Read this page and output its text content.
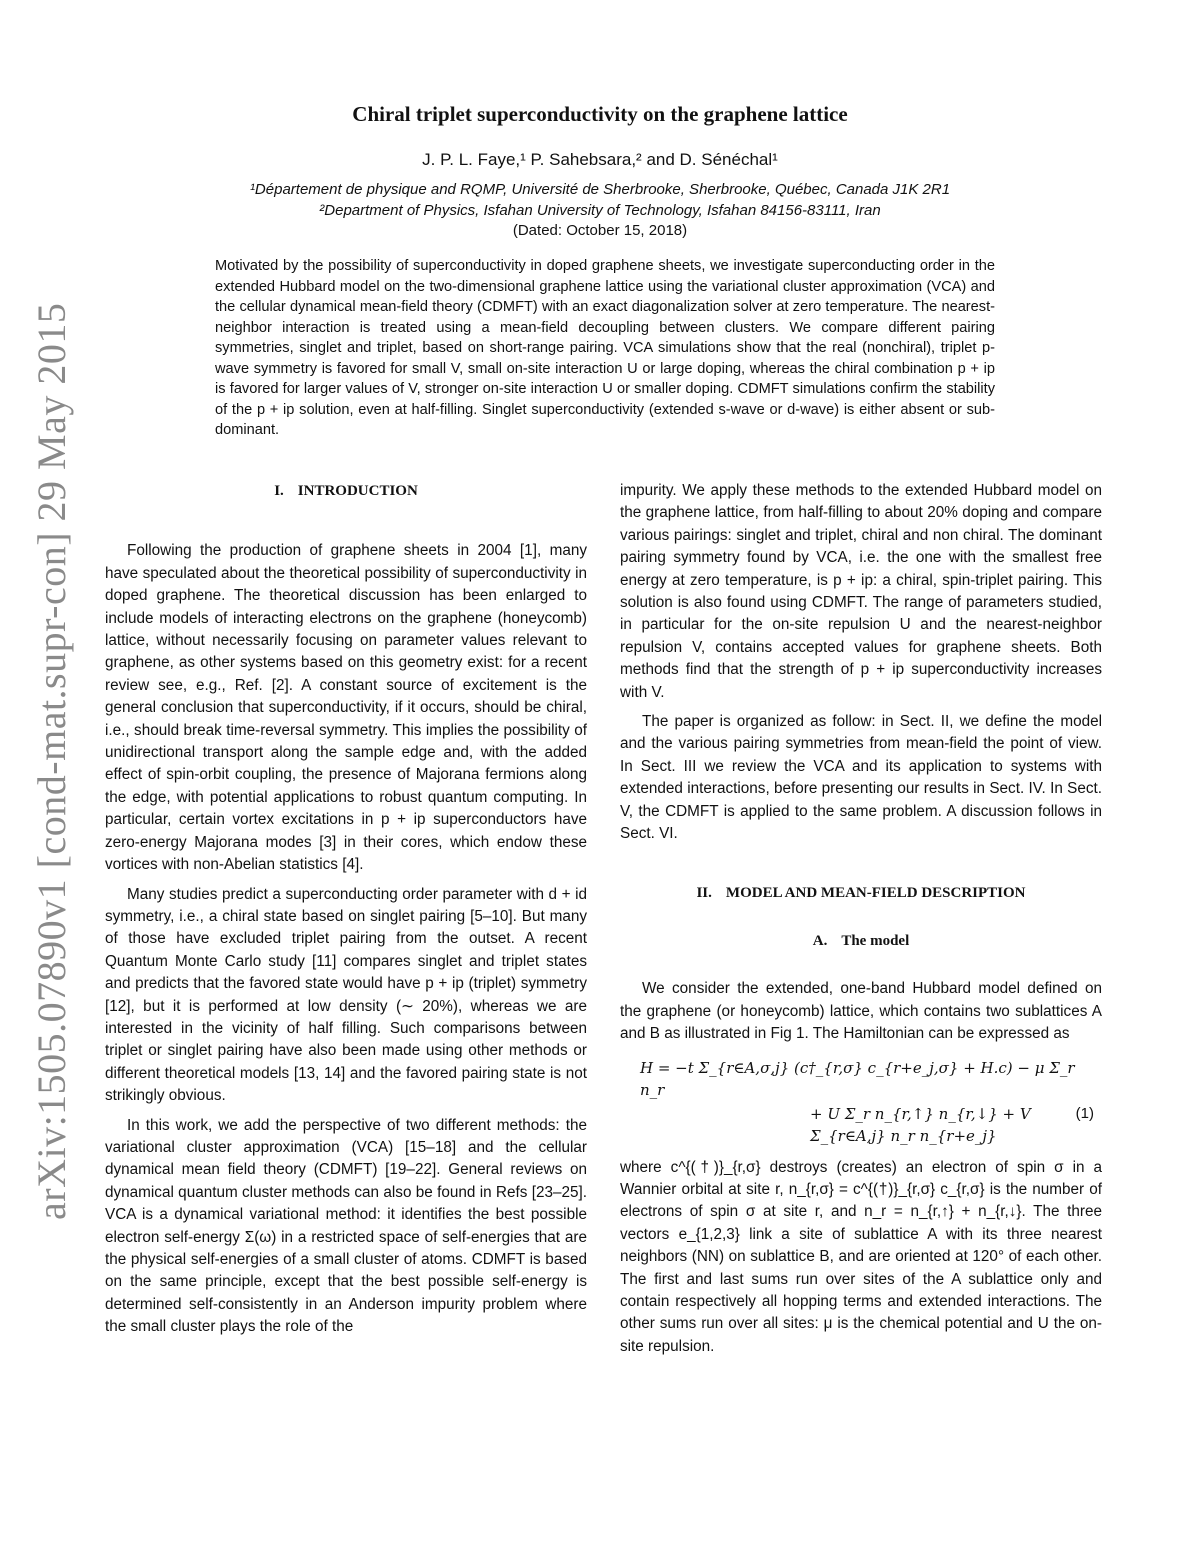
arXiv:1505.07890v1 [cond-mat.supr-con] 29 May 2015
Chiral triplet superconductivity on the graphene lattice
J. P. L. Faye,¹ P. Sahebsara,² and D. Sénéchal¹
¹Département de physique and RQMP, Université de Sherbrooke, Sherbrooke, Québec, Canada J1K 2R1
²Department of Physics, Isfahan University of Technology, Isfahan 84156-83111, Iran
(Dated: October 15, 2018)
Motivated by the possibility of superconductivity in doped graphene sheets, we investigate superconducting order in the extended Hubbard model on the two-dimensional graphene lattice using the variational cluster approximation (VCA) and the cellular dynamical mean-field theory (CDMFT) with an exact diagonalization solver at zero temperature. The nearest-neighbor interaction is treated using a mean-field decoupling between clusters. We compare different pairing symmetries, singlet and triplet, based on short-range pairing. VCA simulations show that the real (nonchiral), triplet p-wave symmetry is favored for small V, small on-site interaction U or large doping, whereas the chiral combination p + ip is favored for larger values of V, stronger on-site interaction U or smaller doping. CDMFT simulations confirm the stability of the p + ip solution, even at half-filling. Singlet superconductivity (extended s-wave or d-wave) is either absent or sub-dominant.

I. INTRODUCTION

Following the production of graphene sheets in 2004 [1], many have speculated about the theoretical possibility of superconductivity in doped graphene. The theoretical discussion has been enlarged to include models of interacting electrons on the graphene (honeycomb) lattice, without necessarily focusing on parameter values relevant to graphene, as other systems based on this geometry exist: for a recent review see, e.g., Ref. [2]. A constant source of excitement is the general conclusion that superconductivity, if it occurs, should be chiral, i.e., should break time-reversal symmetry. This implies the possibility of unidirectional transport along the sample edge and, with the added effect of spin-orbit coupling, the presence of Majorana fermions along the edge, with potential applications to robust quantum computing. In particular, certain vortex excitations in p + ip superconductors have zero-energy Majorana modes [3] in their cores, which endow these vortices with non-Abelian statistics [4].

Many studies predict a superconducting order parameter with d + id symmetry, i.e., a chiral state based on singlet pairing [5–10]. But many of those have excluded triplet pairing from the outset. A recent Quantum Monte Carlo study [11] compares singlet and triplet states and predicts that the favored state would have p + ip (triplet) symmetry [12], but it is performed at low density (∼ 20%), whereas we are interested in the vicinity of half filling. Such comparisons between triplet or singlet pairing have also been made using other methods or different theoretical models [13, 14] and the favored pairing state is not strikingly obvious.

In this work, we add the perspective of two different methods: the variational cluster approximation (VCA) [15–18] and the cellular dynamical mean field theory (CDMFT) [19–22]. General reviews on dynamical quantum cluster methods can also be found in Refs [23–25]. VCA is a dynamical variational method: it identifies the best possible electron self-energy Σ(ω) in a restricted space of self-energies that are the physical self-energies of a small cluster of atoms. CDMFT is based on the same principle, except that the best possible self-energy is determined self-consistently in an Anderson impurity problem where the small cluster plays the role of the

impurity. We apply these methods to the extended Hubbard model on the graphene lattice, from half-filling to about 20% doping and compare various pairings: singlet and triplet, chiral and non chiral. The dominant pairing symmetry found by VCA, i.e. the one with the smallest free energy at zero temperature, is p + ip: a chiral, spin-triplet pairing. This solution is also found using CDMFT. The range of parameters studied, in particular for the on-site repulsion U and the nearest-neighbor repulsion V, contains accepted values for graphene sheets. Both methods find that the strength of p + ip superconductivity increases with V.

The paper is organized as follow: in Sect. II, we define the model and the various pairing symmetries from mean-field the point of view. In Sect. III we review the VCA and its application to systems with extended interactions, before presenting our results in Sect. IV. In Sect. V, the CDMFT is applied to the same problem. A discussion follows in Sect. VI.

II. MODEL AND MEAN-FIELD DESCRIPTION

A. The model

We consider the extended, one-band Hubbard model defined on the graphene (or honeycomb) lattice, which contains two sublattices A and B as illustrated in Fig 1. The Hamiltonian can be expressed as

H = −t Σ_{r∈A,σ,j} (c†_{r,σ} c_{r+e_j,σ} + H.c) − μ Σ_r n_r
+ U Σ_r n_{r,↑} n_{r,↓} + V Σ_{r∈A,j} n_r n_{r+e_j}
(1)

where c^{(†)}_{r,σ} destroys (creates) an electron of spin σ in a Wannier orbital at site r, n_{r,σ} = c^{(†)}_{r,σ} c_{r,σ} is the number of electrons of spin σ at site r, and n_r = n_{r,↑} + n_{r,↓}. The three vectors e_{1,2,3} link a site of sublattice A with its three nearest neighbors (NN) on sublattice B, and are oriented at 120° of each other. The first and last sums run over sites of the A sublattice only and contain respectively all hopping terms and extended interactions. The other sums run over all sites: μ is the chemical potential and U the on-site repulsion.
